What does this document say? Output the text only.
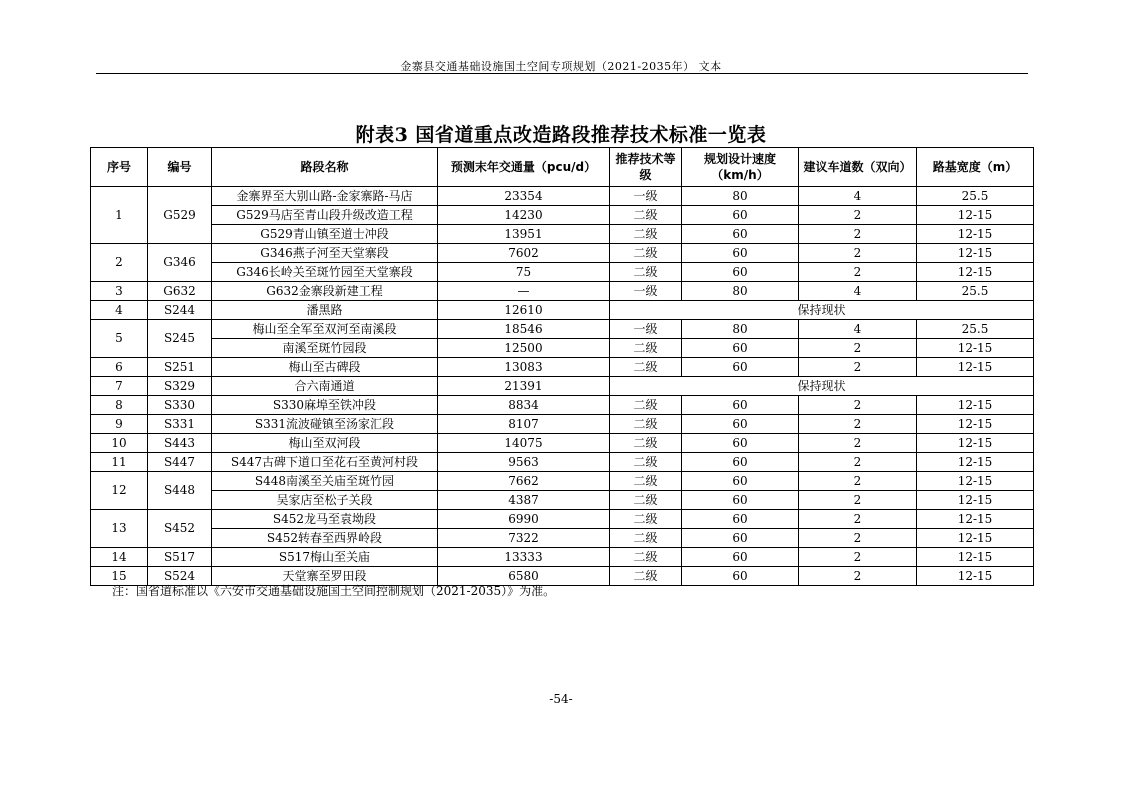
金寨县交通基础设施国土空间专项规划（2021-2035年） 文本
附表3 国省道重点改造路段推荐技术标准一览表
序号	编号	路段名称	预测末年交通量（pcu/d）	推荐技术等级	规划设计速度（km/h）	建议车道数（双向）	路基宽度（m）
1	G529	金寨界至大别山路-金家寨路-马店	23354	一级	80	4	25.5
		G529马店至青山段升级改造工程	14230	二级	60	2	12-15
		G529青山镇至道士冲段	13951	二级	60	2	12-15
2	G346	G346燕子河至天堂寨段	7602	二级	60	2	12-15
		G346长岭关至斑竹园至天堂寨段	75	二级	60	2	12-15
3	G632	G632金寨段新建工程	—	一级	80	4	25.5
4	S244	潘黑路	12610	保持现状			
5	S245	梅山至全军至双河至南溪段	18546	一级	80	4	25.5
		南溪至斑竹园段	12500	二级	60	2	12-15
6	S251	梅山至古碑段	13083	二级	60	2	12-15
7	S329	合六南通道	21391	保持现状			
8	S330	S330麻埠至铁冲段	8834	二级	60	2	12-15
9	S331	S331流波碰镇至汤家汇段	8107	二级	60	2	12-15
10	S443	梅山至双河段	14075	二级	60	2	12-15
11	S447	S447古碑下道口至花石至黄河村段	9563	二级	60	2	12-15
12	S448	S448南溪至关庙至斑竹园	7662	二级	60	2	12-15
		吴家店至松子关段	4387	二级	60	2	12-15
13	S452	S452龙马至袁坳段	6990	二级	60	2	12-15
		S452转春至西界岭段	7322	二级	60	2	12-15
14	S517	S517梅山至关庙	13333	二级	60	2	12-15
15	S524	天堂寨至罗田段	6580	二级	60	2	12-15
注：国省道标准以《六安市交通基础设施国土空间控制规划（2021-2035）》为准。
-54-
